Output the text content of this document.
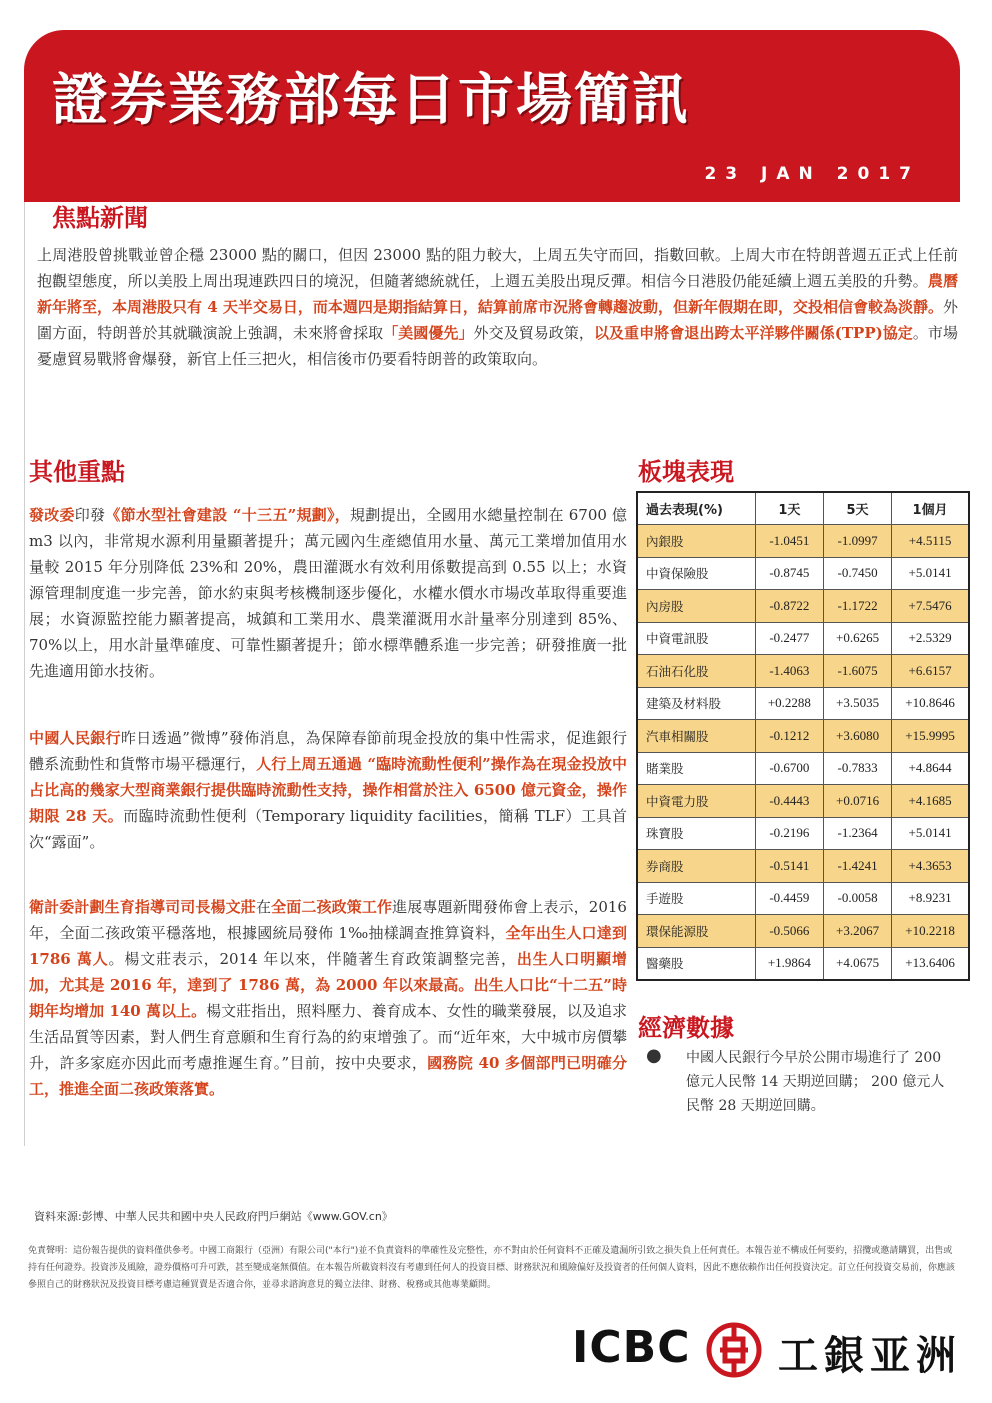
證券業務部每日市場簡訊
23 JAN 2017
焦點新聞
上周港股曾挑戰並曾企穩 23000 點的關口，但因 23000 點的阻力較大，上周五失守而回，指數回軟。上周大市在特朗普週五正式上任前抱觀望態度，所以美股上周出現連跌四日的境況，但隨著總統就任，上週五美股出現反彈。相信今日港股仍能延續上週五美股的升勢。農曆新年將至，本周港股只有 4 天半交易日，而本週四是期指結算日，結算前席市況將會轉趨波動，但新年假期在即，交投相信會較為淡靜。外圍方面，特朗普於其就職演說上強調，未來將會採取「美國優先」外交及貿易政策，以及重申將會退出跨太平洋夥伴關係(TPP)協定。市場憂慮貿易戰將會爆發，新官上任三把火，相信後市仍要看特朗普的政策取向。
其他重點
發改委印發《節水型社會建設 “十三五”規劃》，規劃提出，全國用水總量控制在 6700 億 m3 以內，非常規水源利用量顯著提升；萬元國內生產總值用水量、萬元工業增加值用水量較 2015 年分別降低 23%和 20%，農田灌溉水有效利用係數提高到 0.55 以上；水資源管理制度進一步完善，節水約束與考核機制逐步優化，水權水價水市場改革取得重要進展；水資源監控能力顯著提高，城鎮和工業用水、農業灌溉用水計量率分別達到 85%、70%以上，用水計量準確度、可靠性顯著提升；節水標準體系進一步完善；研發推廣一批先進適用節水技術。
中國人民銀行昨日透過”微博”發佈消息，為保障春節前現金投放的集中性需求，促進銀行體系流動性和貨幣市場平穩運行，人行上周五通過 “臨時流動性便利”操作為在現金投放中占比高的幾家大型商業銀行提供臨時流動性支持，操作相當於注入 6500 億元資金，操作期限 28 天。而臨時流動性便利（Temporary liquidity facilities，簡稱 TLF）工具首次“露面”。
衛計委計劃生育指導司司長楊文莊在全面二孩政策工作進展專題新聞發佈會上表示，2016 年，全面二孩政策平穩落地，根據國統局發佈 1‰抽樣調查推算資料，全年出生人口達到 1786 萬人。楊文莊表示，2014 年以來，伴隨著生育政策調整完善，出生人口明顯增加，尤其是 2016 年，達到了 1786 萬，為 2000 年以來最高。出生人口比“十二五”時期年均增加 140 萬以上。楊文莊指出，照料壓力、養育成本、女性的職業發展，以及追求生活品質等因素，對人們生育意願和生育行為的約束增強了。而“近年來，大中城市房價攀升，許多家庭亦因此而考慮推遲生育。”目前，按中央要求，國務院 40 多個部門已明確分工，推進全面二孩政策落實。
板塊表現
過去表現(%)	1天	5天	1個月
內銀股	-1.0451	-1.0997	+4.5115
中資保險股	-0.8745	-0.7450	+5.0141
內房股	-0.8722	-1.1722	+7.5476
中資電訊股	-0.2477	+0.6265	+2.5329
石油石化股	-1.4063	-1.6075	+6.6157
建築及材料股	+0.2288	+3.5035	+10.8646
汽車相關股	-0.1212	+3.6080	+15.9995
賭業股	-0.6700	-0.7833	+4.8644
中資電力股	-0.4443	+0.0716	+4.1685
珠寶股	-0.2196	-1.2364	+5.0141
券商股	-0.5141	-1.4241	+4.3653
手遊股	-0.4459	-0.0058	+8.9231
環保能源股	-0.5066	+3.2067	+10.2218
醫藥股	+1.9864	+4.0675	+13.6406
經濟數據
● 中國人民銀行今早於公開市場進行了 200 億元人民幣 14 天期逆回購； 200 億元人民幣 28 天期逆回購。
資料來源:彭博、中華人民共和國中央人民政府門戶網站《www.GOV.cn》
免責聲明：這份報告提供的資料僅供參考。中國工商銀行（亞洲）有限公司("本行")並不負責資料的準確性及完整性，亦不對由於任何資料不正確及遺漏所引致之損失負上任何責任。本報告並不構成任何要約，招攬或邀請購買，出售或持有任何證券。投資涉及風險，證券價格可升可跌，甚至變成毫無價值。在本報告所載資料沒有考慮到任何人的投資目標、財務狀況和風險偏好及投資者的任何個人資料，因此不應依賴作出任何投資決定。訂立任何投資交易前，你應該參照自己的財務狀況及投資目標考慮這種買賣是否適合你，並尋求諮詢意見的獨立法律、財務、稅務或其他專業顧問。
ICBC 工銀亚洲
